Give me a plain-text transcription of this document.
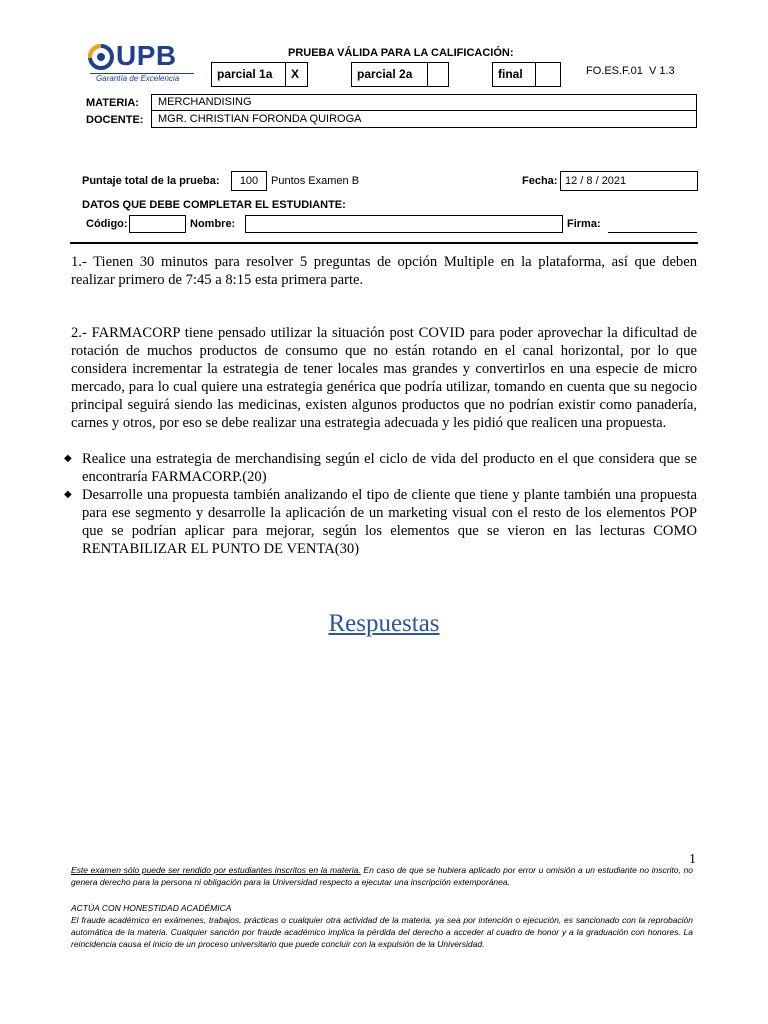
UPB
Garantía de Excelencia
PRUEBA VÁLIDA PARA LA CALIFICACIÓN:
parcial 1a	X	parcial 2a	final	FO.ES.F.01  V 1.3
MATERIA:	MERCHANDISING
DOCENTE:	MGR. CHRISTIAN FORONDA QUIROGA
Puntaje total de la prueba:	100	Puntos Examen B	Fecha: 12 / 8 / 2021
DATOS QUE DEBE COMPLETAR EL ESTUDIANTE:
Código:	Nombre:	Firma:
1.- Tienen 30 minutos para resolver 5 preguntas de opción Multiple en la plataforma, así que deben realizar primero de 7:45 a 8:15 esta primera parte.
2.- FARMACORP tiene pensado utilizar la situación post COVID para poder aprovechar la dificultad de rotación de muchos productos de consumo que no están rotando en el canal horizontal, por lo que considera incrementar la estrategia de tener locales mas grandes y convertirlos en una especie de micro mercado, para lo cual quiere una estrategia genérica que podría utilizar, tomando en cuenta que su negocio principal seguirá siendo las medicinas, existen algunos productos que no podrían existir como panadería, carnes y otros, por eso se debe realizar una estrategia adecuada y les pidió que realicen una propuesta.
◆ Realice una estrategia de merchandising según el ciclo de vida del producto en el que considera que se encontraría FARMACORP.(20)
◆ Desarrolle una propuesta también analizando el tipo de cliente que tiene y plante también una propuesta para ese segmento y desarrolle la aplicación de un marketing visual con el resto de los elementos POP que se podrían aplicar para mejorar, según los elementos que se vieron en las lecturas COMO RENTABILIZAR EL PUNTO DE VENTA(30)
Respuestas
1
Este examen sólo puede ser rendido por estudiantes inscritos en la materia. En caso de que se hubiera aplicado por error u omisión a un estudiante no inscrito, no genera derecho para la persona ni obligación para la Universidad respecto a ejecutar una inscripción extemporánea.
ACTÚA CON HONESTIDAD ACADÉMICA
El fraude académico en exámenes, trabajos, prácticas o cualquier otra actividad de la materia, ya sea por intención o ejecución, es sancionado con la reprobación automática de la materia. Cualquier sanción por fraude académico implica la pérdida del derecho a acceder al cuadro de honor y a la graduación con honores. La reincidencia causa el inicio de un proceso universitario que puede concluir con la expulsión de la Universidad.
